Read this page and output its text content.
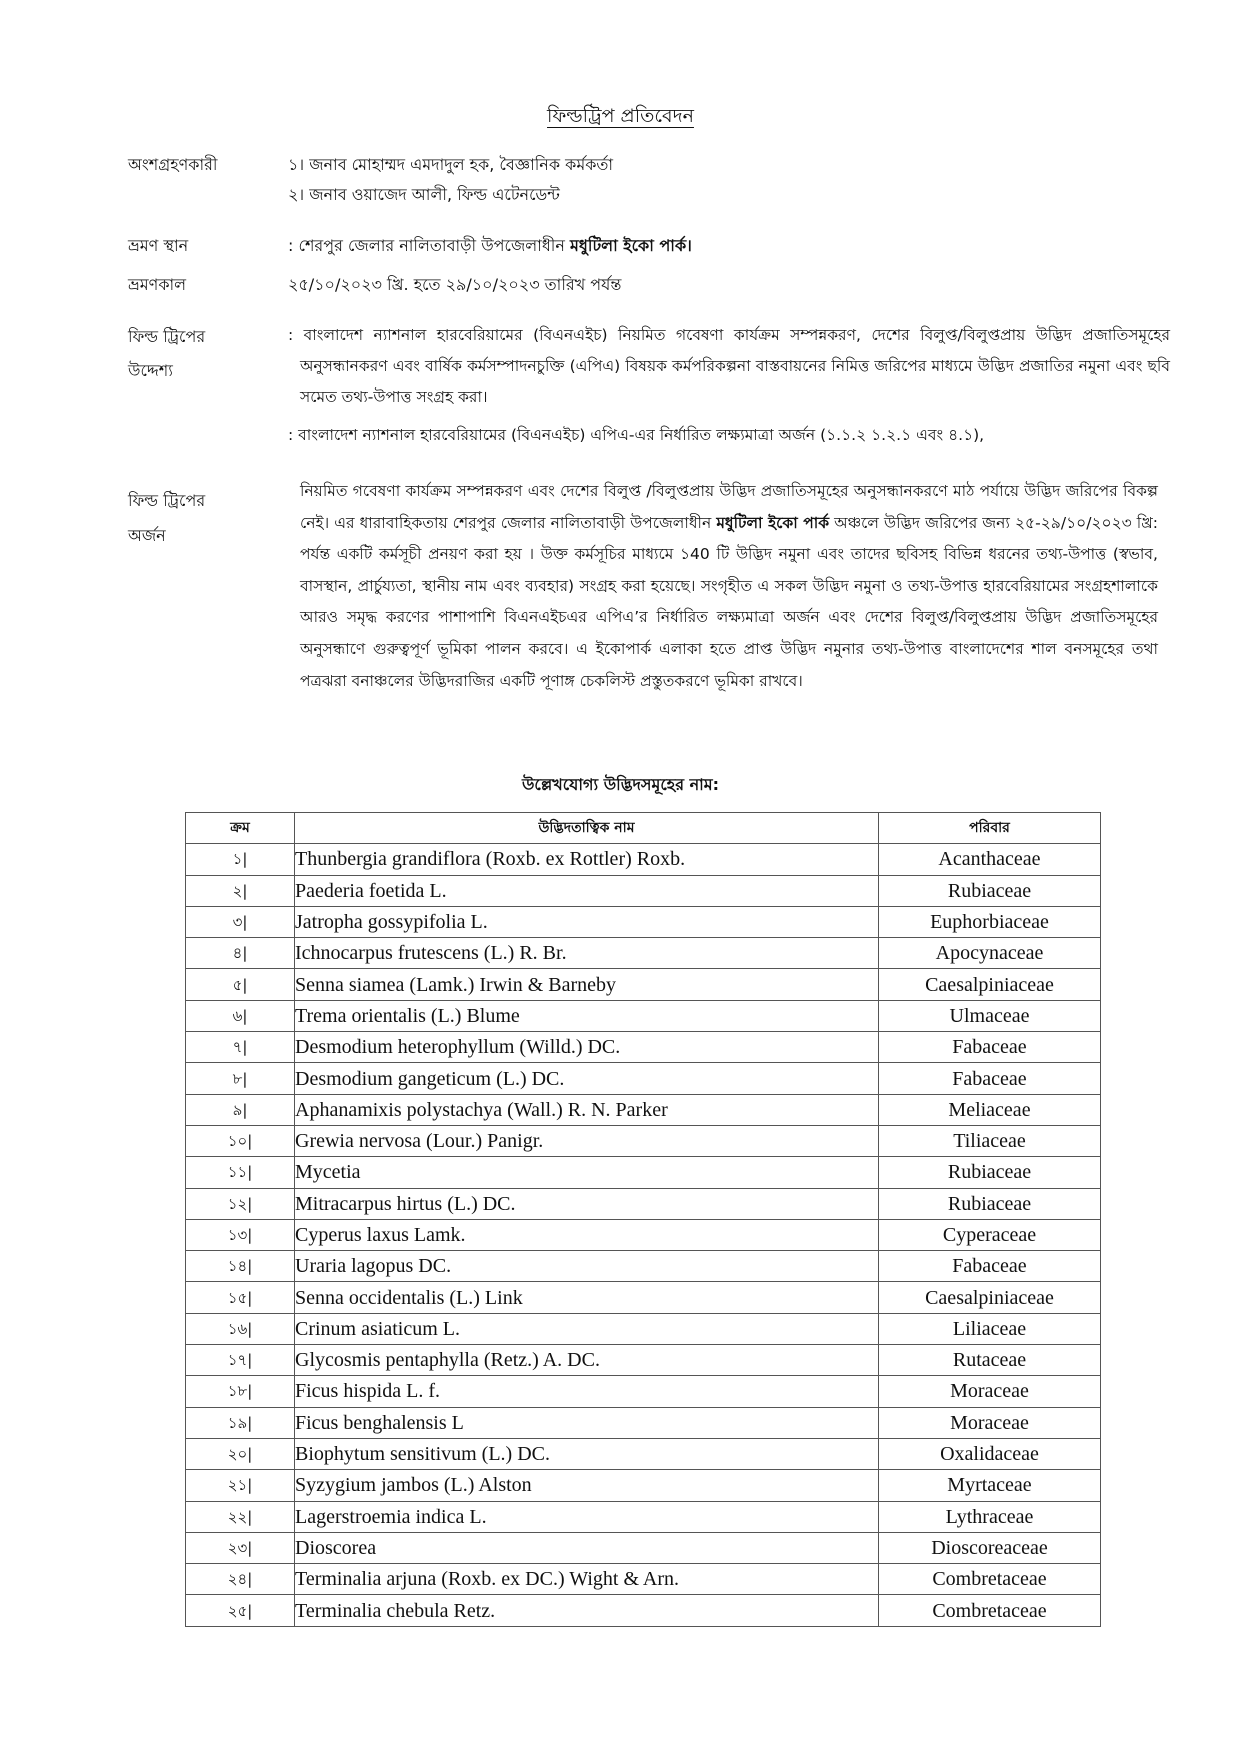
ফিল্ডট্রিপ প্রতিবেদন
অংশগ্রহণকারী	১। জনাব মোহাম্মদ এমদাদুল হক, বৈজ্ঞানিক কর্মকর্তা
২। জনাব ওয়াজেদ আলী, ফিল্ড এটেনডেন্ট
ভ্রমণ স্থান	: শেরপুর জেলার নালিতাবাড়ী উপজেলাধীন মধুটিলা ইকো পার্ক।
ভ্রমণকাল	২৫/১০/২০২৩ খ্রি. হতে ২৯/১০/২০২৩ তারিখ পর্যন্ত
ফিল্ড ট্রিপের
উদ্দেশ্য
: বাংলাদেশ ন্যাশনাল হারবেরিয়ামের (বিএনএইচ) নিয়মিত গবেষণা কার্যক্রম সম্পন্নকরণ, দেশের বিলুপ্ত/বিলুপ্তপ্রায় উদ্ভিদ প্রজাতিসমূহের অনুসন্ধানকরণ এবং বার্ষিক কর্মসম্পাদনচুক্তি (এপিএ) বিষয়ক কর্মপরিকল্পনা বাস্তবায়নের নিমিত্ত জরিপের মাধ্যমে উদ্ভিদ প্রজাতির নমুনা এবং ছবি সমেত তথ্য-উপাত্ত সংগ্রহ করা।
: বাংলাদেশ ন্যাশনাল হারবেরিয়ামের (বিএনএইচ) এপিএ-এর নির্ধারিত লক্ষ্যমাত্রা অর্জন (১.১.২ ১.২.১ এবং ৪.১),
ফিল্ড ট্রিপের
অর্জন
নিয়মিত গবেষণা কার্যক্রম সম্পন্নকরণ এবং দেশের বিলুপ্ত /বিলুপ্তপ্রায় উদ্ভিদ প্রজাতিসমূহের অনুসন্ধানকরণে মাঠ পর্যায়ে উদ্ভিদ জরিপের বিকল্প নেই। এর ধারাবাহিকতায় শেরপুর জেলার নালিতাবাড়ী উপজেলাধীন মধুটিলা ইকো পার্ক অঞ্চলে উদ্ভিদ জরিপের জন্য ২৫-২৯/১০/২০২৩ খ্রি: পর্যন্ত একটি কর্মসূচী প্রনয়ণ করা হয় । উক্ত কর্মসূচির মাধ্যমে ১40 টি উদ্ভিদ নমুনা এবং তাদের ছবিসহ বিভিন্ন ধরনের তথ্য-উপাত্ত (স্বভাব, বাসস্থান, প্রার্চুয্যতা, স্থানীয় নাম এবং ব্যবহার) সংগ্রহ করা হয়েছে। সংগৃহীত এ সকল উদ্ভিদ নমুনা ও তথ্য-উপাত্ত হারবেরিয়ামের সংগ্রহশালাকে আরও সমৃদ্ধ করণের পাশাপাশি বিএনএইচএর এপিএ’র নির্ধারিত লক্ষ্যমাত্রা অর্জন এবং দেশের বিলুপ্ত/বিলুপ্তপ্রায় উদ্ভিদ প্রজাতিসমূহের অনুসন্ধাণে গুরুত্বপূর্ণ ভূমিকা পালন করবে। এ ইকোপার্ক এলাকা হতে প্রাপ্ত উদ্ভিদ নমুনার তথ্য-উপাত্ত বাংলাদেশের শাল বনসমূহের তথা পত্রঝরা বনাঞ্চলের উদ্ভিদরাজির একটি পূণাঙ্গ চেকলিস্ট প্রস্তুতকরণে ভূমিকা রাখবে।
উল্লেখযোগ্য উদ্ভিদসমূহের নাম:
ক্রম	উদ্ভিদতাত্বিক নাম	পরিবার
১|	Thunbergia grandiflora (Roxb. ex Rottler) Roxb.	Acanthaceae
২|	Paederia foetida L.	Rubiaceae
৩|	Jatropha gossypifolia L.	Euphorbiaceae
৪|	Ichnocarpus frutescens (L.) R. Br.	Apocynaceae
৫|	Senna siamea (Lamk.) Irwin & Barneby	Caesalpiniaceae
৬|	Trema orientalis (L.) Blume	Ulmaceae
৭|	Desmodium heterophyllum (Willd.) DC.	Fabaceae
৮|	Desmodium gangeticum (L.) DC.	Fabaceae
৯|	Aphanamixis polystachya (Wall.) R. N. Parker	Meliaceae
১০|	Grewia nervosa (Lour.) Panigr.	Tiliaceae
১১|	Mycetia	Rubiaceae
১২|	Mitracarpus hirtus (L.) DC.	Rubiaceae
১৩|	Cyperus laxus Lamk.	Cyperaceae
১৪|	Uraria lagopus DC.	Fabaceae
১৫|	Senna occidentalis (L.) Link	Caesalpiniaceae
১৬|	Crinum asiaticum L.	Liliaceae
১৭|	Glycosmis pentaphylla (Retz.) A. DC.	Rutaceae
১৮|	Ficus hispida L. f.	Moraceae
১৯|	Ficus benghalensis L	Moraceae
২০|	Biophytum sensitivum (L.) DC.	Oxalidaceae
২১|	Syzygium jambos (L.) Alston	Myrtaceae
২২|	Lagerstroemia indica L.	Lythraceae
২৩|	Dioscorea	Dioscoreaceae
২৪|	Terminalia arjuna (Roxb. ex DC.) Wight & Arn.	Combretaceae
২৫|	Terminalia chebula Retz.	Combretaceae
